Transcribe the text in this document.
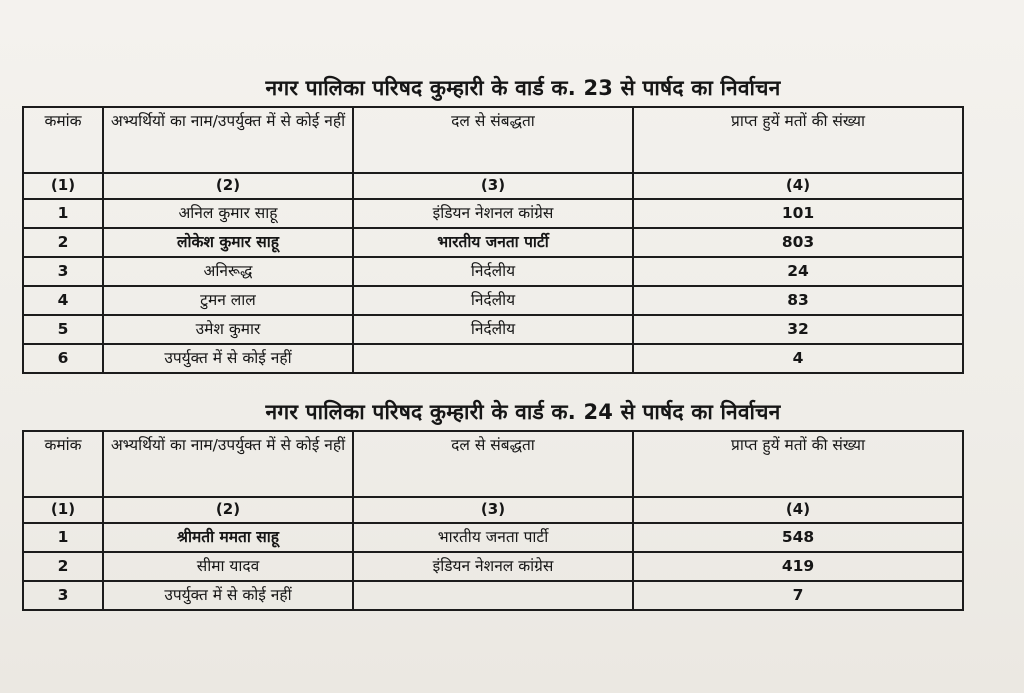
नगर पालिका परिषद कुम्हारी के वार्ड क. 23 से पार्षद का निर्वाचन
कमांक	अभ्यर्थियों का नाम/उपर्युक्त में से कोई नहीं	दल से संबद्धता	प्राप्त हुयें मतों की संख्या
(1)	(2)	(3)	(4)
1	अनिल कुमार साहू	इंडियन नेशनल कांग्रेस	101
2	लोकेश कुमार साहू	भारतीय जनता पार्टी	803
3	अनिरूद्ध	निर्दलीय	24
4	टुमन लाल	निर्दलीय	83
5	उमेश कुमार	निर्दलीय	32
6	उपर्युक्त में से कोई नहीं		4
नगर पालिका परिषद कुम्हारी के वार्ड क. 24 से पार्षद का निर्वाचन
कमांक	अभ्यर्थियों का नाम/उपर्युक्त में से कोई नहीं	दल से संबद्धता	प्राप्त हुयें मतों की संख्या
(1)	(2)	(3)	(4)
1	श्रीमती ममता साहू	भारतीय जनता पार्टी	548
2	सीमा यादव	इंडियन नेशनल कांग्रेस	419
3	उपर्युक्त में से कोई नहीं		7
